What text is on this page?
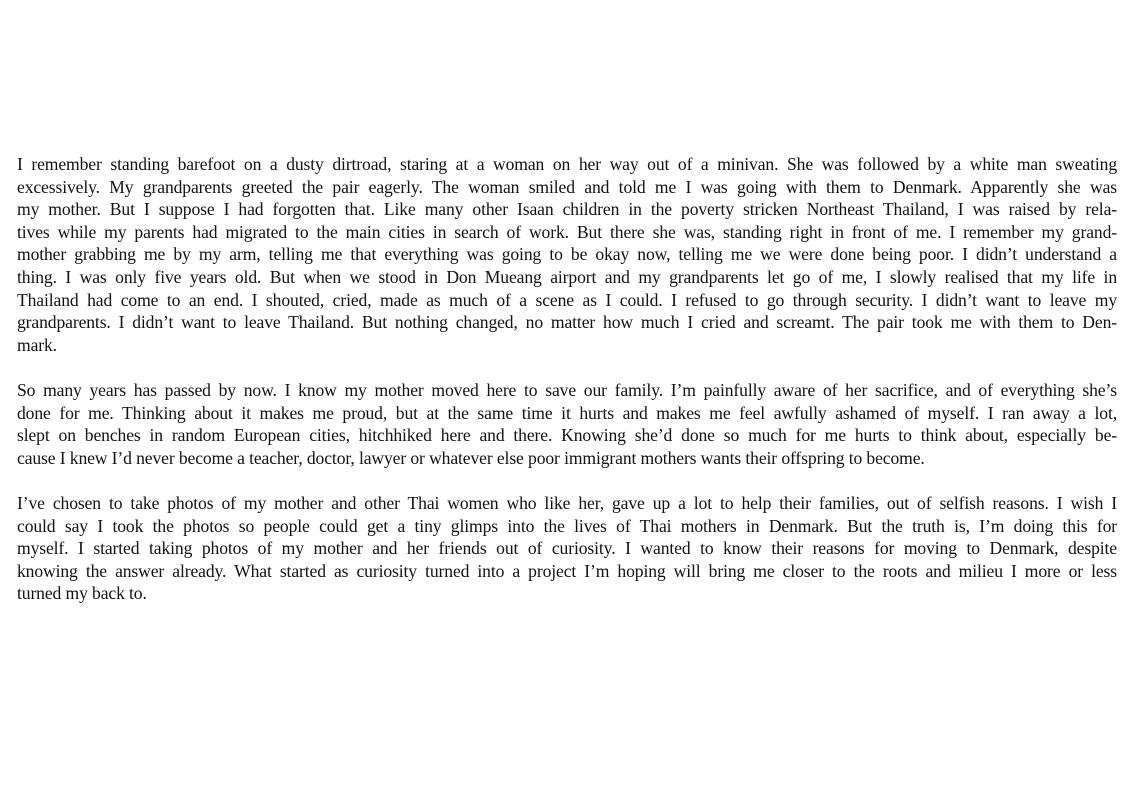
I remember standing barefoot on a dusty dirtroad, staring at a woman on her way out of a minivan. She was followed by a white man sweating
excessively. My grandparents greeted the pair eagerly. The woman smiled and told me I was going with them to Denmark. Apparently she was
my mother. But I suppose I had forgotten that. Like many other Isaan children in the poverty stricken Northeast Thailand, I was raised by rela-
tives while my parents had migrated to the main cities in search of work. But there she was, standing right in front of me. I remember my grand-
mother grabbing me by my arm, telling me that everything was going to be okay now, telling me we were done being poor. I didn’t understand a
thing. I was only five years old. But when we stood in Don Mueang airport and my grandparents let go of me, I slowly realised that my life in
Thailand had come to an end. I shouted, cried, made as much of a scene as I could. I refused to go through security. I didn’t want to leave my
grandparents. I didn’t want to leave Thailand. But nothing changed, no matter how much I cried and screamt. The pair took me with them to Den-
mark.

So many years has passed by now. I know my mother moved here to save our family. I’m painfully aware of her sacrifice, and of everything she’s
done for me. Thinking about it makes me proud, but at the same time it hurts and makes me feel awfully ashamed of myself. I ran away a lot,
slept on benches in random European cities, hitchhiked here and there. Knowing she’d done so much for me hurts to think about, especially be-
cause I knew I’d never become a teacher, doctor, lawyer or whatever else poor immigrant mothers wants their offspring to become.

I’ve chosen to take photos of my mother and other Thai women who like her, gave up a lot to help their families, out of selfish reasons. I wish I
could say I took the photos so people could get a tiny glimps into the lives of Thai mothers in Denmark. But the truth is, I’m doing this for
myself. I started taking photos of my mother and her friends out of curiosity. I wanted to know their reasons for moving to Denmark, despite
knowing the answer already. What started as curiosity turned into a project I’m hoping will bring me closer to the roots and milieu I more or less
turned my back to.
